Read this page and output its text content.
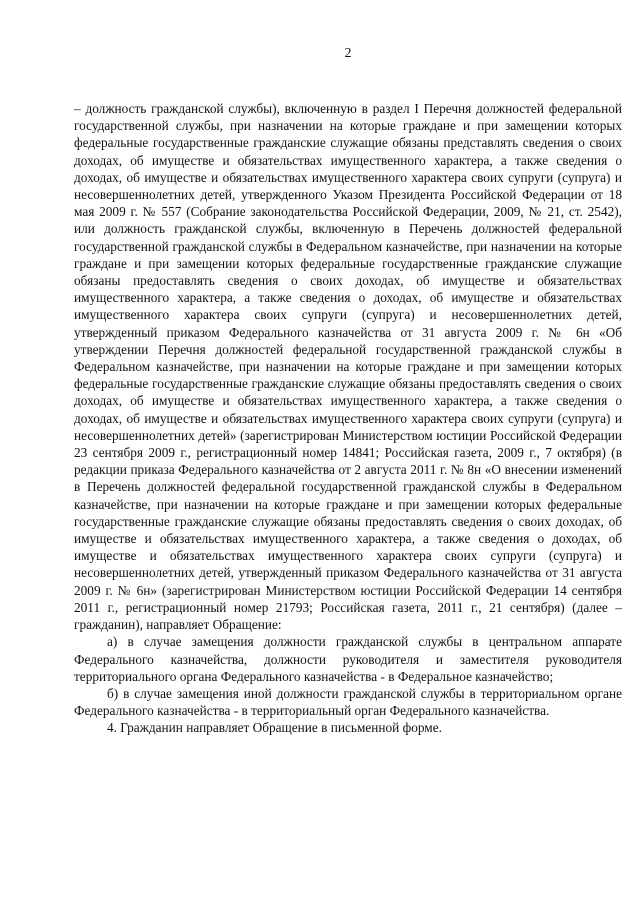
2

– должность гражданской службы), включенную в раздел I Перечня должностей федеральной государственной службы, при назначении на которые граждане и при замещении которых федеральные государственные гражданские служащие обязаны представлять сведения о своих доходах, об имуществе и обязательствах имущественного характера, а также сведения о доходах, об имуществе и обязательствах имущественного характера своих супруги (супруга) и несовершеннолетних детей, утвержденного Указом Президента Российской Федерации от 18 мая 2009 г. № 557 (Собрание законодательства Российской Федерации, 2009, № 21, ст. 2542), или должность гражданской службы, включенную в Перечень должностей федеральной государственной гражданской службы в Федеральном казначействе, при назначении на которые граждане и при замещении которых федеральные государственные гражданские служащие обязаны предоставлять сведения о своих доходах, об имуществе и обязательствах имущественного характера, а также сведения о доходах, об имуществе и обязательствах имущественного характера своих супруги (супруга) и несовершеннолетних детей, утвержденный приказом Федерального казначейства от 31 августа 2009 г. № 6н «Об утверждении Перечня должностей федеральной государственной гражданской службы в Федеральном казначействе, при назначении на которые граждане и при замещении которых федеральные государственные гражданские служащие обязаны предоставлять сведения о своих доходах, об имуществе и обязательствах имущественного характера, а также сведения о доходах, об имуществе и обязательствах имущественного характера своих супруги (супруга) и несовершеннолетних детей» (зарегистрирован Министерством юстиции Российской Федерации 23 сентября 2009 г., регистрационный номер 14841; Российская газета, 2009 г., 7 октября) (в редакции приказа Федерального казначейства от 2 августа 2011 г. № 8н «О внесении изменений в Перечень должностей федеральной государственной гражданской службы в Федеральном казначействе, при назначении на которые граждане и при замещении которых федеральные государственные гражданские служащие обязаны предоставлять сведения о своих доходах, об имуществе и обязательствах имущественного характера, а также сведения о доходах, об имуществе и обязательствах имущественного характера своих супруги (супруга) и несовершеннолетних детей, утвержденный приказом Федерального казначейства от 31 августа 2009 г. № 6н» (зарегистрирован Министерством юстиции Российской Федерации 14 сентября 2011 г., регистрационный номер 21793; Российская газета, 2011 г., 21 сентября) (далее – гражданин), направляет Обращение:

а) в случае замещения должности гражданской службы в центральном аппарате Федерального казначейства, должности руководителя и заместителя руководителя территориального органа Федерального казначейства - в Федеральное казначейство;

б) в случае замещения иной должности гражданской службы в территориальном органе Федерального казначейства - в территориальный орган Федерального казначейства.

4. Гражданин направляет Обращение в письменной форме.
